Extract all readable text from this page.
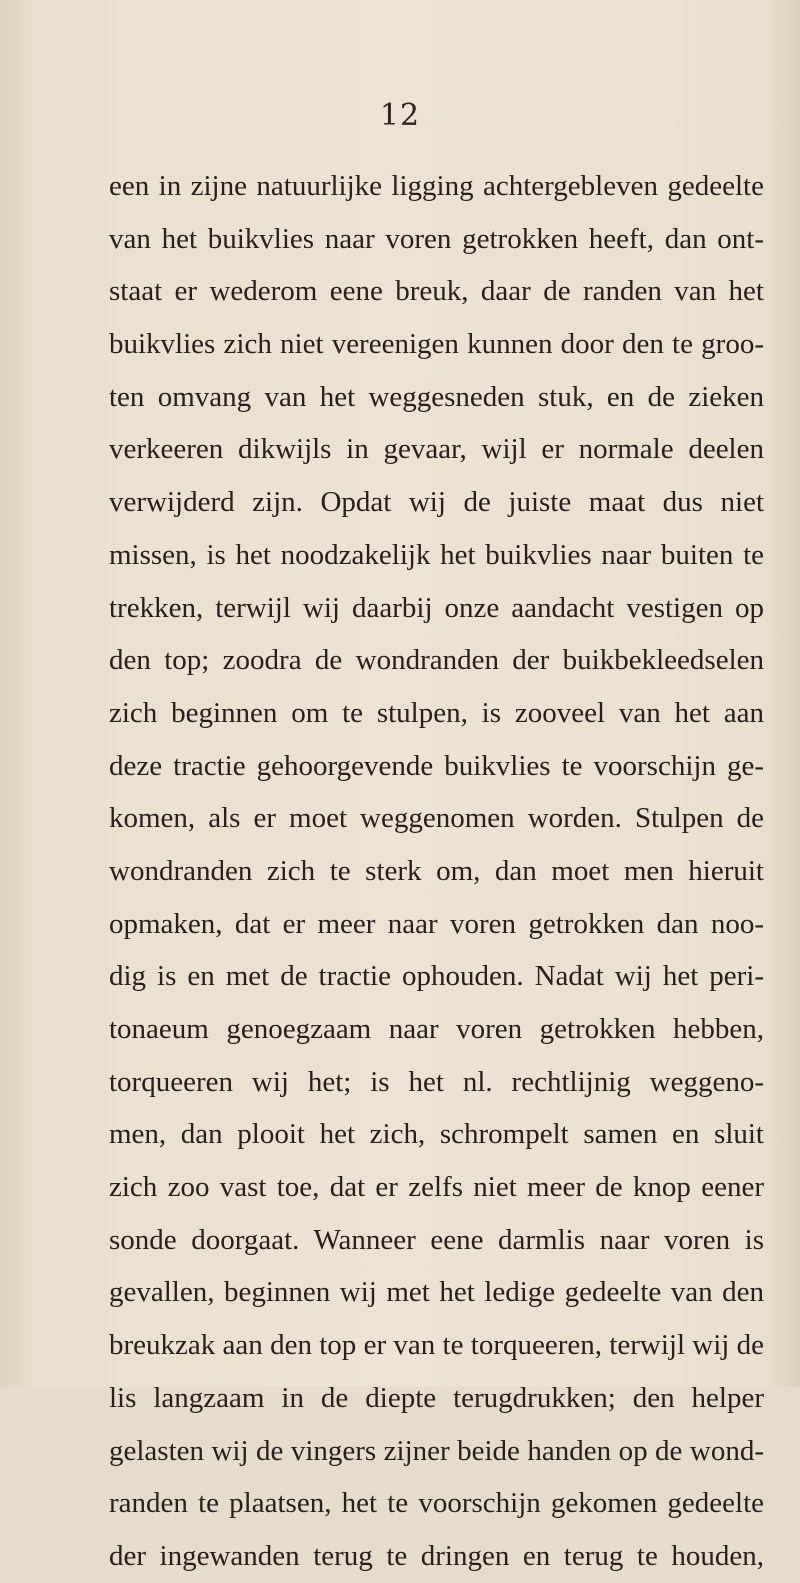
12
een in zijne natuurlijke ligging achtergebleven gedeelte
van het buikvlies naar voren getrokken heeft, dan ont-
staat er wederom eene breuk, daar de randen van het
buikvlies zich niet vereenigen kunnen door den te groo-
ten omvang van het weggesneden stuk, en de zieken
verkeeren dikwijls in gevaar, wijl er normale deelen
verwijderd zijn. Opdat wij de juiste maat dus niet
missen, is het noodzakelijk het buikvlies naar buiten te
trekken, terwijl wij daarbij onze aandacht vestigen op
den top; zoodra de wondranden der buikbekleedselen
zich beginnen om te stulpen, is zooveel van het aan
deze tractie gehoorgevende buikvlies te voorschijn ge-
komen, als er moet weggenomen worden. Stulpen de
wondranden zich te sterk om, dan moet men hieruit
opmaken, dat er meer naar voren getrokken dan noo-
dig is en met de tractie ophouden. Nadat wij het peri-
tonaeum genoegzaam naar voren getrokken hebben,
torqueeren wij het; is het nl. rechtlijnig weggeno-
men, dan plooit het zich, schrompelt samen en sluit
zich zoo vast toe, dat er zelfs niet meer de knop eener
sonde doorgaat. Wanneer eene darmlis naar voren is
gevallen, beginnen wij met het ledige gedeelte van den
breukzak aan den top er van te torqueeren, terwijl wij de
lis langzaam in de diepte terugdrukken; den helper
gelasten wij de vingers zijner beide handen op de wond-
randen te plaatsen, het te voorschijn gekomen gedeelte
der ingewanden terug te dringen en terug te houden,
